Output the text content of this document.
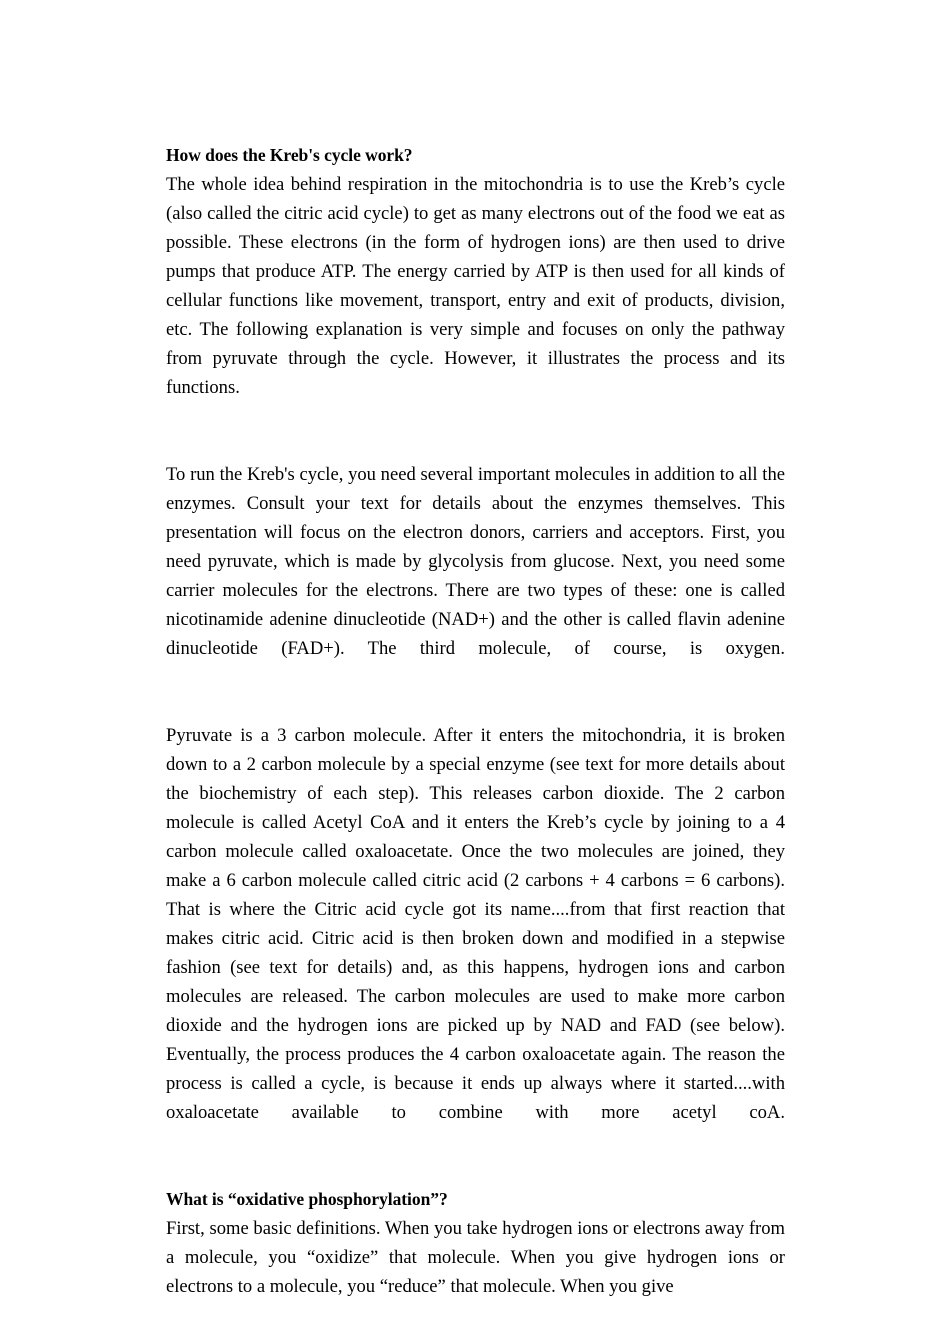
How does the Kreb's cycle work?
The whole idea behind respiration in the mitochondria is to use the Kreb’s cycle (also called the citric acid cycle) to get as many electrons out of the food we eat as possible. These electrons (in the form of hydrogen ions) are then used to drive pumps that produce ATP. The energy carried by ATP is then used for all kinds of cellular functions like movement, transport, entry and exit of products, division, etc. The following explanation is very simple and focuses on only the pathway from pyruvate through the cycle. However, it illustrates the process and its functions.
To run the Kreb's cycle, you need several important molecules in addition to all the enzymes. Consult your text for details about the enzymes themselves. This presentation will focus on the electron donors, carriers and acceptors. First, you need pyruvate, which is made by glycolysis from glucose. Next, you need some carrier molecules for the electrons. There are two types of these: one is called nicotinamide adenine dinucleotide (NAD+) and the other is called flavin adenine dinucleotide (FAD+). The third molecule, of course, is oxygen.
Pyruvate is a 3 carbon molecule. After it enters the mitochondria, it is broken down to a 2 carbon molecule by a special enzyme (see text for more details about the biochemistry of each step). This releases carbon dioxide. The 2 carbon molecule is called Acetyl CoA and it enters the Kreb’s cycle by joining to a 4 carbon molecule called oxaloacetate. Once the two molecules are joined, they make a 6 carbon molecule called citric acid (2 carbons + 4 carbons = 6 carbons). That is where the Citric acid cycle got its name....from that first reaction that makes citric acid. Citric acid is then broken down and modified in a stepwise fashion (see text for details) and, as this happens, hydrogen ions and carbon molecules are released. The carbon molecules are used to make more carbon dioxide and the hydrogen ions are picked up by NAD and FAD (see below). Eventually, the process produces the 4 carbon oxaloacetate again. The reason the process is called a cycle, is because it ends up always where it started....with oxaloacetate available to combine with more acetyl coA.
What is “oxidative phosphorylation”?
First, some basic definitions. When you take hydrogen ions or electrons away from a molecule, you “oxidize” that molecule. When you give hydrogen ions or electrons to a molecule, you “reduce” that molecule. When you give
